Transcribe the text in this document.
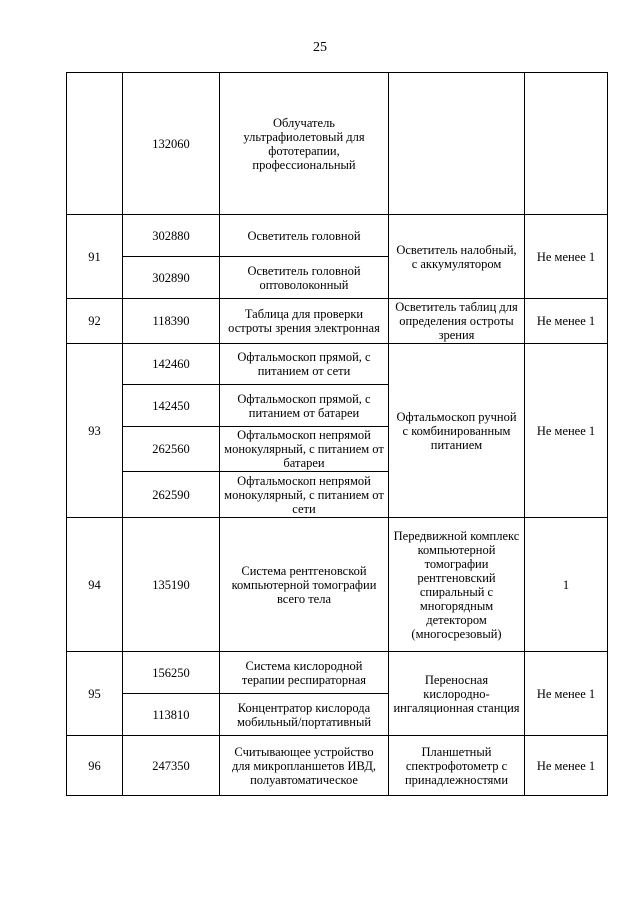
25
	132060	Облучатель ультрафиолетовый для фототерапии, профессиональный		
91	302880	Осветитель головной	Осветитель налобный, с аккумулятором	Не менее 1
	302890	Осветитель головной оптоволоконный		
92	118390	Таблица для проверки остроты зрения электронная	Осветитель таблиц для определения остроты зрения	Не менее 1
93	142460	Офтальмоскоп прямой, с питанием от сети	Офтальмоскоп ручной с комбинированным питанием	Не менее 1
	142450	Офтальмоскоп прямой, с питанием от батареи		
	262560	Офтальмоскоп непрямой монокулярный, с питанием от батареи		
	262590	Офтальмоскоп непрямой монокулярный, с питанием от сети		
94	135190	Система рентгеновской компьютерной томографии всего тела	Передвижной комплекс компьютерной томографии рентгеновский спиральный с многорядным детектором (многосрезовый)	1
95	156250	Система кислородной терапии респираторная	Переносная кислородно-ингаляционная станция	Не менее 1
	113810	Концентратор кислорода мобильный/портативный		
96	247350	Считывающее устройство для микропланшетов ИВД, полуавтоматическое	Планшетный спектрофотометр с принадлежностями	Не менее 1
